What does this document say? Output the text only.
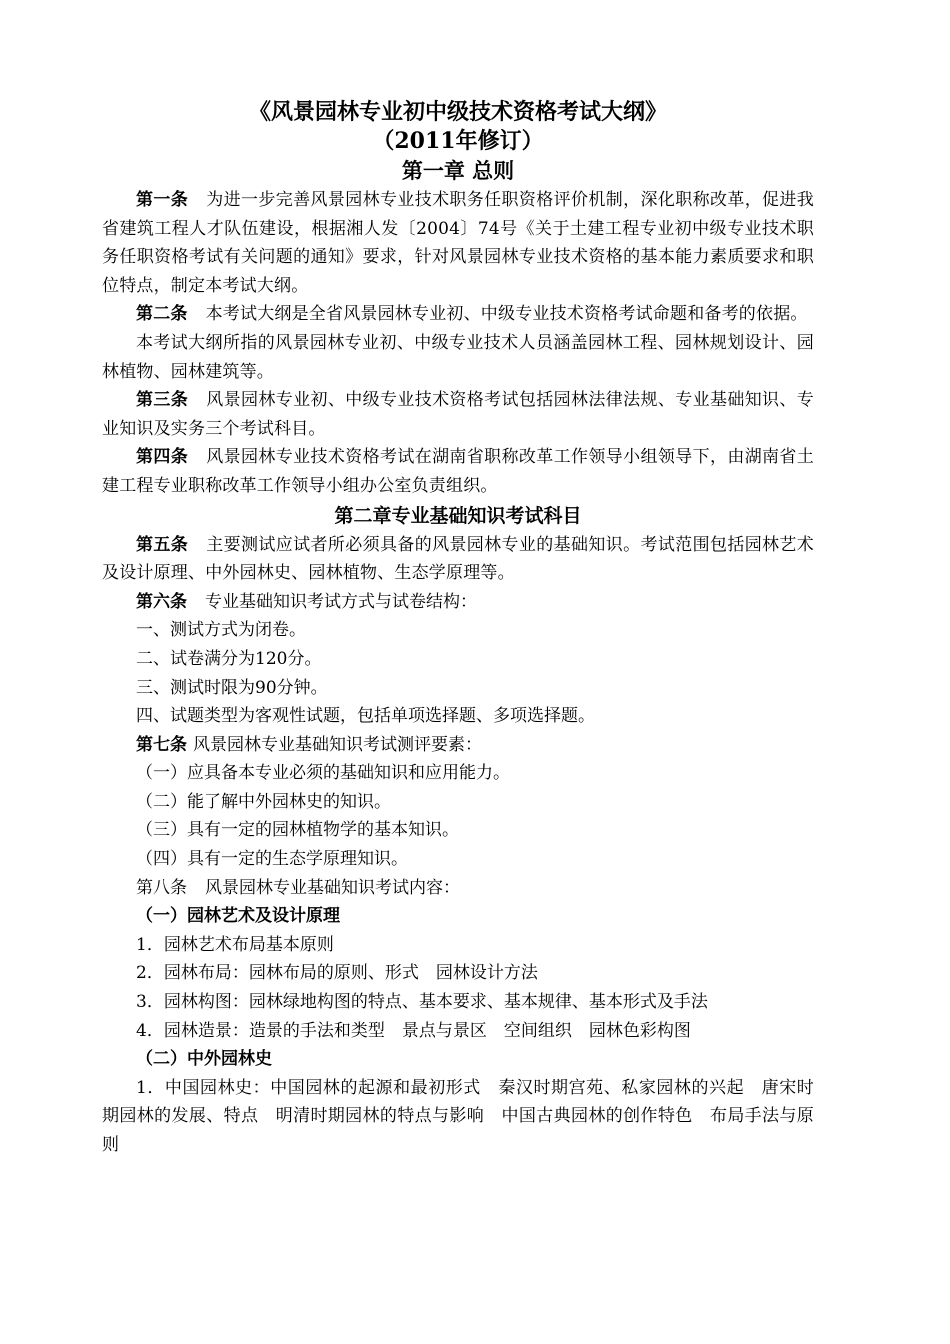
《风景园林专业初中级技术资格考试大纲》

（2011年修订）

第一章 总则

第一条 为进一步完善风景园林专业技术职务任职资格评价机制，深化职称改革，促进我省建筑工程人才队伍建设，根据湘人发〔2004〕74号《关于土建工程专业初中级专业技术职务任职资格考试有关问题的通知》要求，针对风景园林专业技术资格的基本能力素质要求和职位特点，制定本考试大纲。

第二条 本考试大纲是全省风景园林专业初、中级专业技术资格考试命题和备考的依据。

本考试大纲所指的风景园林专业初、中级专业技术人员涵盖园林工程、园林规划设计、园林植物、园林建筑等。

第三条 风景园林专业初、中级专业技术资格考试包括园林法律法规、专业基础知识、专业知识及实务三个考试科目。

第四条 风景园林专业技术资格考试在湖南省职称改革工作领导小组领导下，由湖南省土建工程专业职称改革工作领导小组办公室负责组织。

第二章专业基础知识考试科目

第五条 主要测试应试者所必须具备的风景园林专业的基础知识。考试范围包括园林艺术及设计原理、中外园林史、园林植物、生态学原理等。

第六条 专业基础知识考试方式与试卷结构：

一、测试方式为闭卷。

二、试卷满分为120分。

三、测试时限为90分钟。

四、试题类型为客观性试题，包括单项选择题、多项选择题。

第七条 风景园林专业基础知识考试测评要素：

（一）应具备本专业必须的基础知识和应用能力。

（二）能了解中外园林史的知识。

（三）具有一定的园林植物学的基本知识。

（四）具有一定的生态学原理知识。

第八条 风景园林专业基础知识考试内容：

（一）园林艺术及设计原理

1．园林艺术布局基本原则

2．园林布局：园林布局的原则、形式　园林设计方法

3．园林构图：园林绿地构图的特点、基本要求、基本规律、基本形式及手法

4．园林造景：造景的手法和类型　景点与景区　空间组织　园林色彩构图

（二）中外园林史

1．中国园林史：中国园林的起源和最初形式　秦汉时期宫苑、私家园林的兴起　唐宋时期园林的发展、特点　明清时期园林的特点与影响　中国古典园林的创作特色　布局手法与原则
